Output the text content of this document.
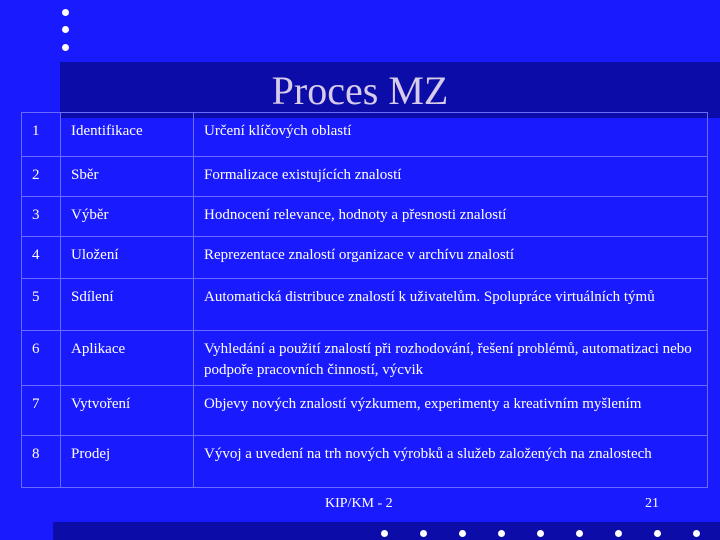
Proces MZ
1	Identifikace	Určení klíčových oblastí
2	Sběr	Formalizace existujících znalostí
3	Výběr	Hodnocení relevance, hodnoty a přesnosti znalostí
4	Uložení	Reprezentace znalostí organizace v archívu znalostí
5	Sdílení	Automatická distribuce znalostí k uživatelům. Spolupráce virtuálních týmů
6	Aplikace	Vyhledání a použití znalostí při rozhodování, řešení problémů, automatizaci nebo podpoře pracovních činností, výcvik
7	Vytvoření	Objevy nových znalostí výzkumem, experimenty a kreativním myšlením
8	Prodej	Vývoj a uvedení na trh nových výrobků a služeb založených na znalostech
KIP/KM - 2	21
